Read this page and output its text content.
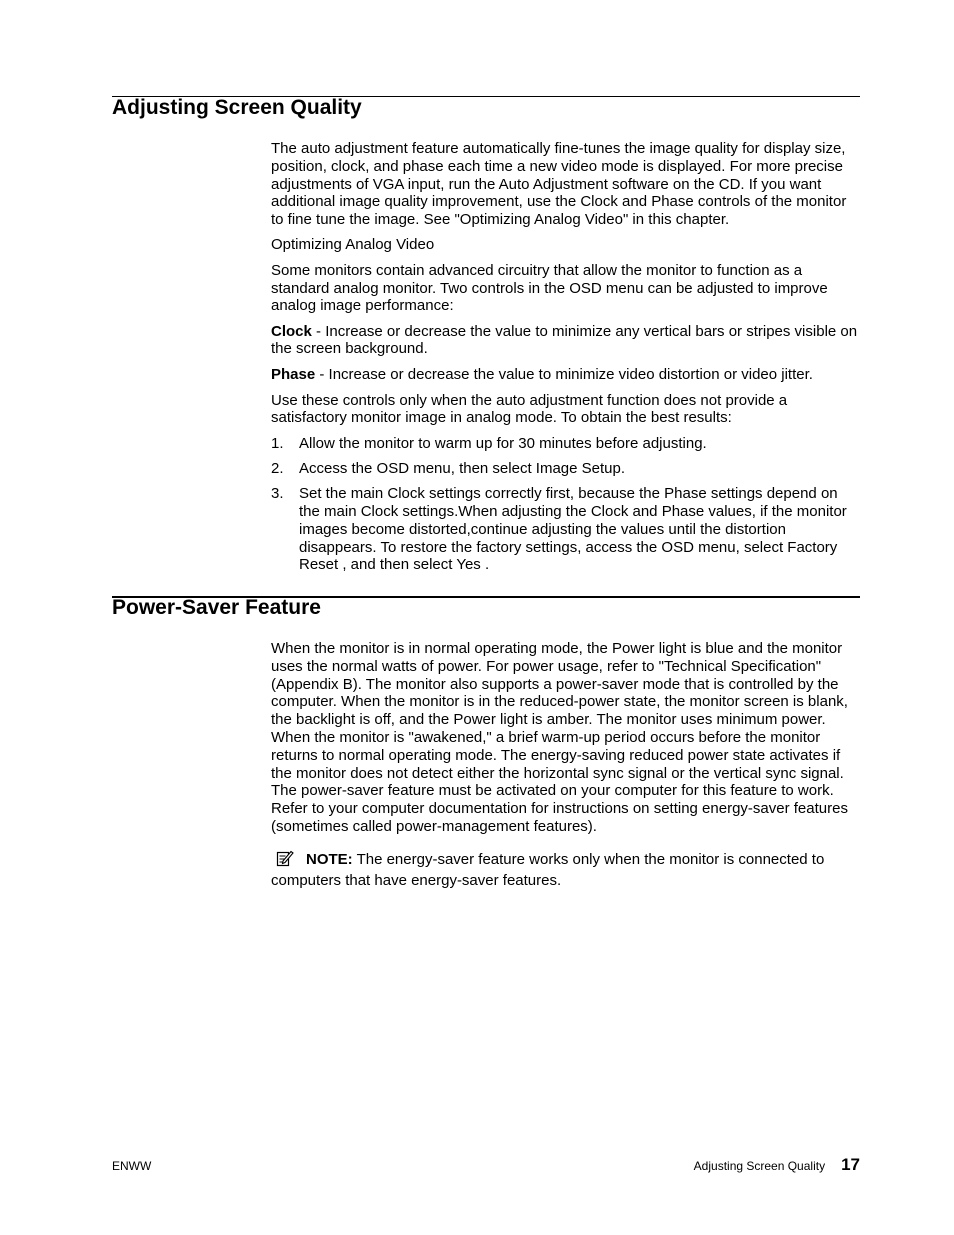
Adjusting Screen Quality

The auto adjustment feature automatically fine-tunes the image quality for display size, position, clock, and phase each time a new video mode is displayed. For more precise adjustments of VGA input, run the Auto Adjustment software on the CD. If you want additional image quality improvement, use the Clock and Phase controls of the monitor to fine tune the image. See "Optimizing Analog Video" in this chapter.

Optimizing Analog Video

Some monitors contain advanced circuitry that allow the monitor to function as a standard analog monitor. Two controls in the OSD menu can be adjusted to improve analog image performance:

Clock - Increase or decrease the value to minimize any vertical bars or stripes visible on the screen background.

Phase - Increase or decrease the value to minimize video distortion or video jitter.

Use these controls only when the auto adjustment function does not provide a satisfactory monitor image in analog mode. To obtain the best results:

1. Allow the monitor to warm up for 30 minutes before adjusting.
2. Access the OSD menu, then select Image Setup.
3. Set the main Clock settings correctly first, because the Phase settings depend on the main Clock settings.When adjusting the Clock and Phase values, if the monitor images become distorted,continue adjusting the values until the distortion disappears. To restore the factory settings, access the OSD menu, select Factory Reset , and then select Yes .
Power-Saver Feature

When the monitor is in normal operating mode, the Power light is blue and the monitor uses the normal watts of power. For power usage, refer to "Technical Specification" (Appendix B). The monitor also supports a power-saver mode that is controlled by the computer. When the monitor is in the reduced-power state, the monitor screen is blank, the backlight is off, and the Power light is amber. The monitor uses minimum power. When the monitor is "awakened," a brief warm-up period occurs before the monitor returns to normal operating mode. The energy-saving reduced power state activates if the monitor does not detect either the horizontal sync signal or the vertical sync signal. The power-saver feature must be activated on your computer for this feature to work. Refer to your computer documentation for instructions on setting energy-saver features (sometimes called power-management features).

NOTE: The energy-saver feature works only when the monitor is connected to computers that have energy-saver features.
ENWW	Adjusting Screen Quality 17
